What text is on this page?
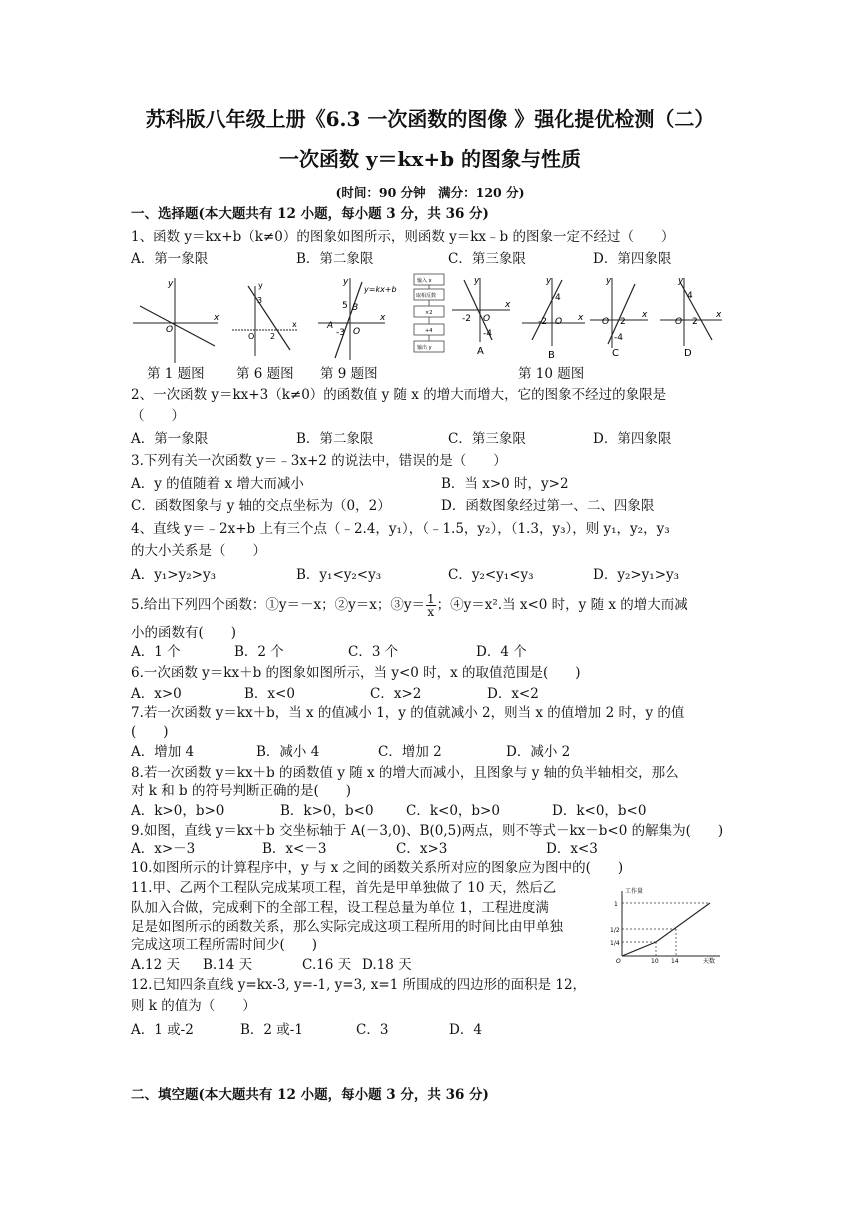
苏科版八年级上册《6.3 一次函数的图像 》强化提优检测（二）
一次函数 y＝kx+b 的图象与性质
(时间：90 分钟　满分：120 分)
一、选择题(本大题共有 12 小题，每小题 3 分，共 36 分)
1、函数 y＝kx+b（k≠0）的图象如图所示，则函数 y＝kx﹣b 的图象一定不经过（　　）
A．第一象限	B．第二象限	C．第三象限	D．第四象限
O
x
y
3
2
O
x
y	y=kx+b
5 B
A
-3 O
x
y	输入 x
取相反数
×2
+4
输出 y
-2
-4
O
x
y
A
4
-2 O x
y
B
2
-4
O
x
y
C
4
2
O
x
y
D
第 1 题图 第 6 题图 第 9 题图	第 10 题图
2、一次函数 y＝kx+3（k≠0）的函数值 y 随 x 的增大而增大，它的图象不经过的象限是
（　　）
A．第一象限	B．第二象限	C．第三象限	D．第四象限
3.下列有关一次函数 y＝﹣3x+2 的说法中，错误的是（　　）
A．y 的值随着 x 增大而减小	B．当 x>0 时，y>2
C．函数图象与 y 轴的交点坐标为（0，2）	D．函数图象经过第一、二、四象限
4、直线 y＝﹣2x+b 上有三个点（﹣2.4，y₁），（﹣1.5，y₂），（1.3，y₃），则 y₁，y₂，y₃
的大小关系是（　　）
A．y₁>y₂>y₃	B．y₁<y₂<y₃	C．y₂<y₁<y₃	D．y₂>y₁>y₃
5.给出下列四个函数：①y＝－x；②y＝x；③y＝ $\frac{1}{x}$ ；④y＝x².当 x<0 时，y 随 x 的增大而减
小的函数有(　　)
A．1 个	B．2 个	C．3 个	D．4 个
6.一次函数 y＝kx＋b 的图象如图所示，当 y<0 时，x 的取值范围是(　　)
A．x>0	B．x<0	C．x>2	D．x<2
7.若一次函数 y＝kx＋b，当 x 的值减小 1，y 的值就减小 2，则当 x 的值增加 2 时，y 的值
(　　)
A．增加 4	B．减小 4	C．增加 2	D．减小 2
8.若一次函数 y＝kx＋b 的函数值 y 随 x 的增大而减小，且图象与 y 轴的负半轴相交，那么
对 k 和 b 的符号判断正确的是(　　)
A．k>0，b>0	B．k>0，b<0 C．k<0，b>0	D．k<0，b<0
9.如图，直线 y＝kx＋b 交坐标轴于 A(－3,0)、B(0,5)两点，则不等式－kx－b<0 的解集为(　　)
A．x>－3	B．x<－3	C．x>3	D．x<3
10.如图所示的计算程序中，y 与 x 之间的函数关系所对应的图象应为图中的(　　)
11.甲、乙两个工程队完成某项工程，首先是甲单独做了 10 天，然后乙
队加入合做，完成剩下的全部工程，设工程总量为单位 1，工程进度满
足是如图所示的函数关系，那么实际完成这项工程所用的时间比由甲单独
完成这项工程所需时间少(　　)
A.12 天 B.14 天	C.16 天 D.18 天
工作量
天数
1
1/2
1/4
10 14
O
12.已知四条直线 y=kx-3, y=-1, y=3, x=1 所围成的四边形的面积是 12，
则 k 的值为（　　）
A．1 或-2	B．2 或-1	C．3	D．4
二、填空题(本大题共有 12 小题，每小题 3 分，共 36 分)
